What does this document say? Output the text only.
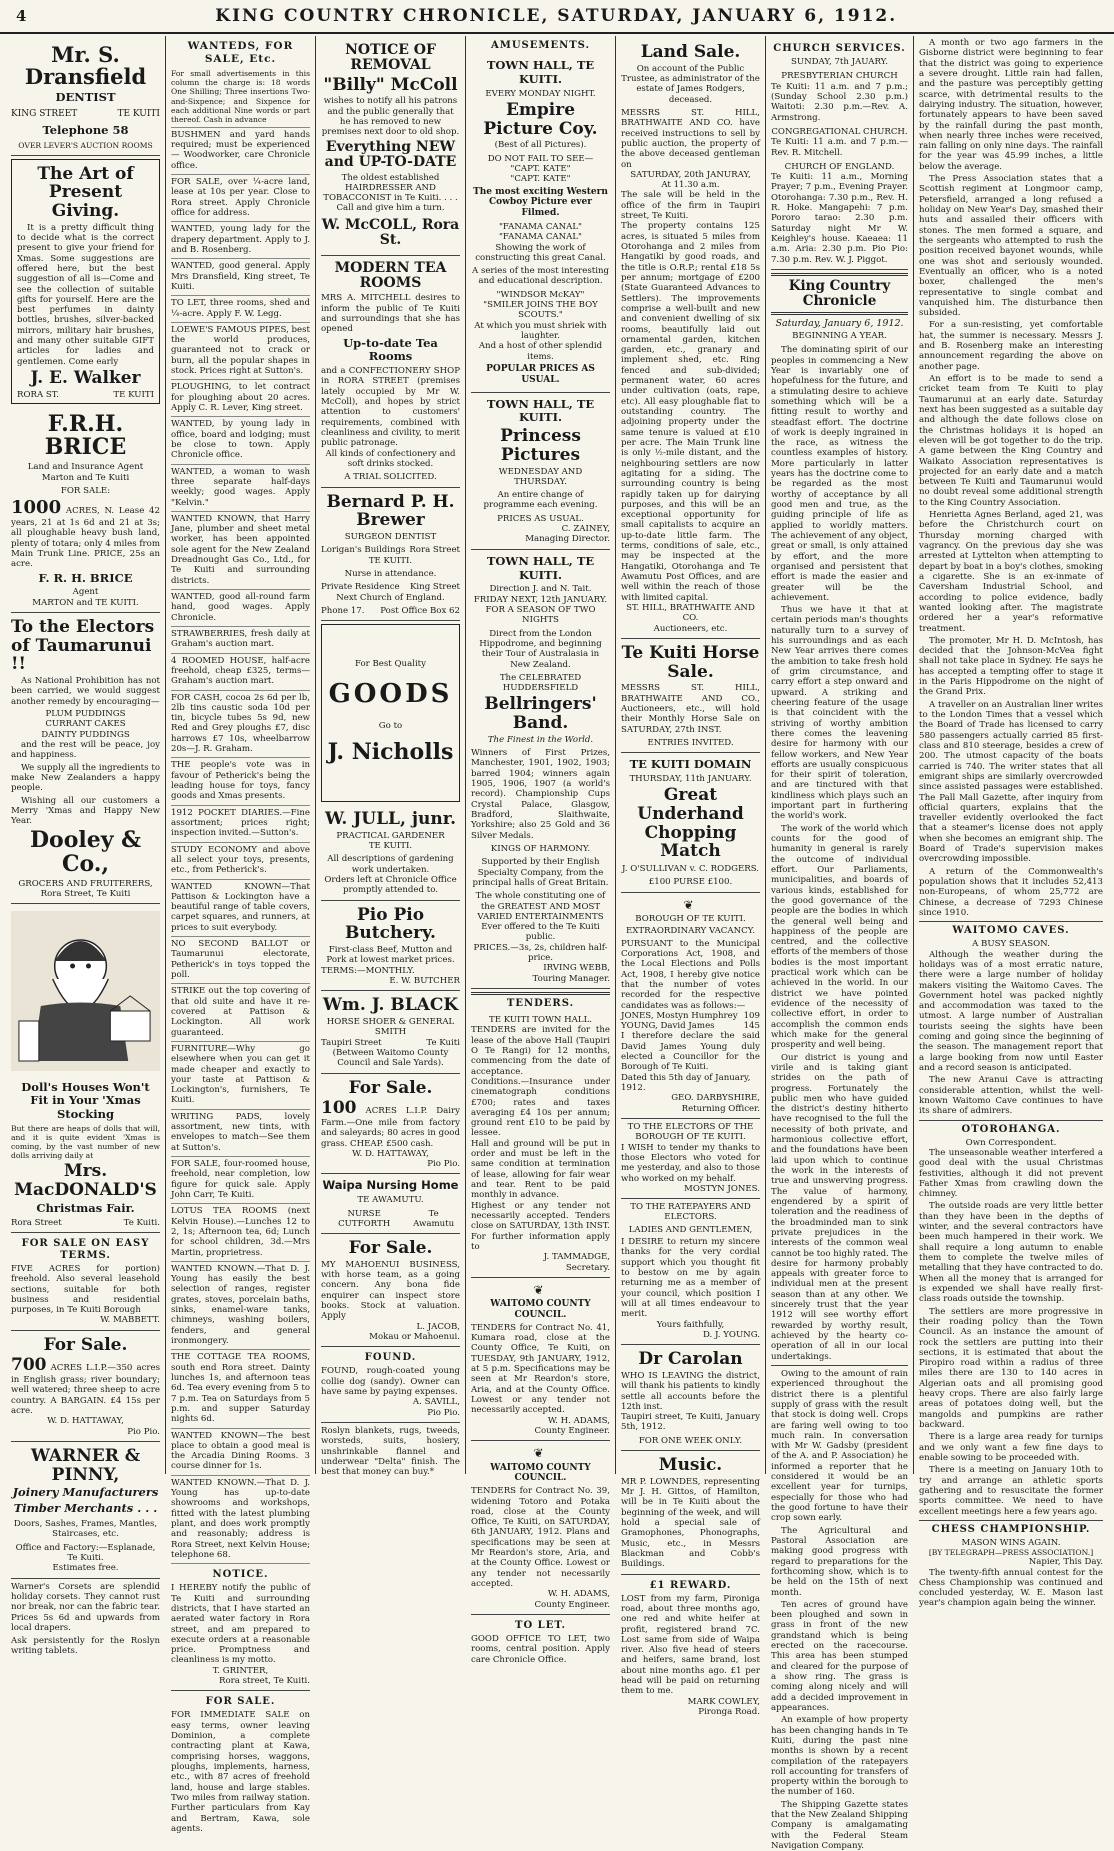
4	KING COUNTRY CHRONICLE, SATURDAY, JANUARY 6, 1912.
Mr. S. Dransfield
DENTIST
KING STREET	TE KUITI
Telephone 58
OVER LEVER'S AUCTION ROOMS
The Art of Present Giving.

It is a pretty difficult thing to decide what is the correct present to give your friend for Xmas. Some suggestions are offered here, but the best suggestion of all is—Come and see the collection of suitable gifts for yourself. Here are the best perfumes in dainty bottles, brushes, silver-backed mirrors, military hair brushes, and many other suitable GIFT articles for ladies and gentlemen. Come early

J. E. Walker
RORA ST.	TE KUITI
F.R.H. BRICE
Land and Insurance Agent
Marton and Te Kuiti
FOR SALE:
1000 ACRES, N. Lease 42 years, 21 at 1s 6d and 21 at 3s; all ploughable heavy bush land, plenty of totara; only 4 miles from Main Trunk Line. PRICE, 25s an acre.
F. R. H. BRICE
Agent
MARTON and TE KUITI.
To the Electors of Taumarunui !!

As National Prohibition has not been carried, we would suggest another remedy by encouraging—

PLUM PUDDINGS
CURRANT CAKES
DAINTY PUDDINGS

and the rest will be peace, joy and happiness.

We supply all the ingredients to make New Zealanders a happy people.

Wishing all our customers a Merry 'Xmas and Happy New Year.

Dooley & Co.,
GROCERS AND FRUITERERS,
Rora Street, Te Kuiti
Doll's Houses Won't Fit in Your 'Xmas Stocking
But there are heaps of dolls that will, and it is quite evident 'Xmas is coming, by the vast number of new dolls arriving daily at
Mrs. MacDONALD'S
Christmas Fair.
Rora Street	Te Kuiti.
FOR SALE ON EASY TERMS.
FIVE ACRES for portion) freehold. Also several leasehold sections, suitable for both business and residential purposes, in Te Kuiti Borough
W. MABBETT.
For Sale.
700 ACRES L.I.P.—350 acres in English grass; river boundary; well watered; three sheep to acre country. A BARGAIN. £4 15s per acre.
W. D. HATTAWAY,
Pio Pio.
WARNER & PINNY,
Joinery Manufacturers
Timber Merchants . . .
Doors, Sashes, Frames, Mantles, Staircases, etc.
Office and Factory:—Esplanade, Te Kuiti.
Estimates free.
Warner's Corsets are splendid holiday corsets. They cannot rust nor break, nor can the fabric tear. Prices 5s 6d and upwards from local drapers.
Ask persistently for the Roslyn writing tablets.
WANTEDS, FOR SALE, Etc.
For small advertisements in this column the charge is: 18 words One Shilling; Three insertions Two-and-Sixpence; and Sixpence for each additional Nine words or part thereof. Cash in advance
BUSHMEN and yard hands required; must be experienced — Woodworker, care Chronicle office.
FOR SALE, over ¼-acre land, lease at 10s per year. Close to Rora street. Apply Chronicle office for address.
WANTED, young lady for the drapery department. Apply to J. and B. Rosenberg.
WANTED, good general. Apply Mrs Dransfield, King street, Te Kuiti.
TO LET, three rooms, shed and ¼-acre. Apply F. W. Legg.
LOEWE'S FAMOUS PIPES, best the world produces, guaranteed not to crack or burn, all the popular shapes in stock. Prices right at Sutton's.
PLOUGHING, to let contract for ploughing about 20 acres. Apply C. R. Lever, King street.
WANTED, by young lady in office, board and lodging; must be close to town. Apply Chronicle office.
WANTED, a woman to wash three separate half-days weekly; good wages. Apply "Kelvin."
WANTED KNOWN, that Harry Jane, plumber and sheet metal worker, has been appointed sole agent for the New Zealand Dreadnought Gas Co., Ltd., for Te Kuiti and surrounding districts.
WANTED, good all-round farm hand, good wages. Apply Chronicle.
STRAWBERRIES, fresh daily at Graham's auction mart.
4 ROOMED HOUSE, half-acre freehold, cheap £325, terms—Graham's auction mart.
FOR CASH, cocoa 2s 6d per lb, 2lb tins caustic soda 10d per tin, bicycle tubes 5s 9d, new Red and Grey ploughs £7, disc harrows £7 10s, wheelbarrow 20s—J. R. Graham.
THE people's vote was in favour of Petherick's being the leading house for toys, fancy goods and Xmas presents.
1912 POCKET DIARIES.—Fine assortment; prices right; inspection invited.—Sutton's.
STUDY ECONOMY and above all select your toys, presents, etc., from Petherick's.
WANTED KNOWN—That Pattison & Lockington have a beautiful range of table covers, carpet squares, and runners, at prices to suit everybody.
NO SECOND BALLOT or Taumarunui electorate, Petherick's in toys topped the poll.
STRIKE out the top covering of that old suite and have it re-covered at Pattison & Lockington. All work guaranteed.
FURNITURE—Why go elsewhere when you can get it made cheaper and exactly to your taste at Pattison & Lockington's, furnishers, Te Kuiti.
WRITING PADS, lovely assortment, new tints, with envelopes to match—See them at Sutton's.
FOR SALE, four-roomed house, freehold, near completion, low figure for quick sale. Apply John Carr, Te Kuiti.
LOTUS TEA ROOMS (next Kelvin House).—Lunches 12 to 2, 1s; Afternoon tea, 6d; Lunch for school children, 3d.—Mrs Martin, proprietress.
WANTED KNOWN.—That D. J. Young has easily the best selection of ranges, register grates, stoves, porcelain baths, sinks, enamel-ware tanks, chimneys, washing boilers, fenders, and general ironmongery.
THE COTTAGE TEA ROOMS, south end Rora street. Dainty lunches 1s, and afternoon teas 6d. Tea every evening from 5 to 7 p.m. Tea on Saturdays from 5 p.m. and supper Saturday nights 6d.
WANTED KNOWN—The best place to obtain a good meal is the Arcadia Dining Rooms. 3 course dinner for 1s.
WANTED KNOWN.—That D. J. Young has up-to-date showrooms and workshops, fitted with the latest plumbing plant, and does work promptly and reasonably; address is Rora Street, next Kelvin House; telephone 68.
NOTICE.
I HEREBY notify the public of Te Kuiti and surrounding districts, that I have started an aerated water factory in Rora street, and am prepared to execute orders at a reasonable price. Promptness and cleanliness is my motto.
T. GRINTER,
Rora street, Te Kuiti.
FOR SALE.
FOR IMMEDIATE SALE on easy terms, owner leaving Dominion, a complete contracting plant at Kawa, comprising horses, waggons, ploughs, implements, harness, etc., with 87 acres of freehold land, house and large stables. Two miles from railway station. Further particulars from Kay and Bertram, Kawa, sole agents.
NOTICE OF REMOVAL
"Billy" McColl
wishes to notify all his patrons and the public generally that he has removed to new premises next door to old shop.
Everything NEW and UP-TO-DATE
The oldest established HAIRDRESSER AND TOBACCONIST in Te Kuiti. . . . Call and give him a turn.
W. McCOLL, Rora St.
MODERN TEA ROOMS
MRS A. MITCHELL desires to inform the public of Te Kuiti and surroundings that she has opened
Up-to-date Tea Rooms
and a CONFECTIONERY SHOP in RORA STREET (premises lately occupied by Mr W. McColl), and hopes by strict attention to customers' requirements, combined with cleanliness and civility, to merit public patronage.
All kinds of confectionery and soft drinks stocked.
A TRIAL SOLICITED.
Bernard P. H. Brewer
SURGEON DENTIST
Lorigan's Buildings Rora Street
TE KUITI.
Nurse in attendance.
Private Residence King Street
Next Church of England.
Phone 17. Post Office Box 62
For Best Quality
GOODS
Go to
J. Nicholls
W. JULL, junr.
PRACTICAL GARDENER
TE KUITI.
All descriptions of gardening work undertaken.
Orders left at Chronicle Office promptly attended to.
Pio Pio Butchery.
First-class Beef, Mutton and Pork at lowest market prices.
TERMS:—MONTHLY.
E. W. BUTCHER
Wm. J. BLACK
HORSE SHOER & GENERAL SMITH
Taupiri Street	Te Kuiti
(Between Waitomo County Council and Sale Yards).
For Sale.
100 ACRES L.I.P. Dairy Farm.—One mile from factory and saleyards; 80 acres in good grass. CHEAP. £500 cash.
W. D. HATTAWAY,
Pio Pio.
Waipa Nursing Home
TE AWAMUTU.
NURSE CUTFORTH
Te Awamutu
For Sale.
MY MAHOENUI BUSINESS, with horse team, as a going concern. Any bona fide enquirer can inspect store books. Stock at valuation. Apply
L. JACOB,
Mokau or Mahoenui.
FOUND.
FOUND, rough-coated young collie dog (sandy). Owner can have same by paying expenses.
A. SAVILL,
Pio Pio.
Roslyn blankets, rugs, tweeds, worsteds, suits, hosiery, unshrinkable flannel and underwear "Delta" finish. The best that money can buy.*
AMUSEMENTS.
TOWN HALL, TE KUITI.
EVERY MONDAY NIGHT.
Empire Picture Coy.
(Best of all Pictures).
DO NOT FAIL TO SEE—
"CAPT. KATE"
"CAPT. KATE"
The most exciting Western Cowboy Picture ever Filmed.
"FANAMA CANAL"
"FANAMA CANAL"
Showing the work of constructing this great Canal.
A series of the most interesting and educational description.
"WINDSOR McKAY"
"SMILER JOINS THE BOY SCOUTS."
At which you must shriek with laughter.
And a host of other splendid items.
POPULAR PRICES AS USUAL.
TOWN HALL, TE KUITI.
Princess Pictures
WEDNESDAY AND THURSDAY.
An entire change of programme each evening.
PRICES AS USUAL.
C. ZAINEY,
Managing Director.
TOWN HALL, TE KUITI.
Direction J. and N. Tait.
FRIDAY NEXT, 12th JANUARY.
FOR A SEASON OF TWO NIGHTS
Direct from the London Hippodrome, and beginning their Tour of Australasia in New Zealand.
The CELEBRATED HUDDERSFIELD
Bellringers' Band.
The Finest in the World.
Winners of First Prizes, Manchester, 1901, 1902, 1903; barred 1904; winners again 1905, 1906, 1907 (a world's record). Championship Cups Crystal Palace, Glasgow, Bradford, Slaithwaite, Yorkshire; also 25 Gold and 36 Silver Medals.
KINGS OF HARMONY.
Supported by their English Specialty Company, from the principal halls of Great Britain.
The whole constituting one of the GREATEST AND MOST VARIED ENTERTAINMENTS Ever offered to the Te Kuiti public.
PRICES.—3s, 2s, children half-price.
IRVING WEBB,
Touring Manager.
TENDERS.
TE KUITI TOWN HALL.
TENDERS are invited for the lease of the above Hall (Taupiri O Te Rangi) for 12 months, commencing from the date of acceptance.
Conditions.—Insurance under cinematograph conditions £700; rates and taxes averaging £4 10s per annum; ground rent £10 to be paid by lessee.
Hall and ground will be put in order and must be left in the same condition at termination of lease, allowing for fair wear and tear. Rent to be paid monthly in advance.
Highest or any tender not necessarily accepted. Tenders close on SATURDAY, 13th INST. For further information apply to
J. TAMMADGE,
Secretary.
❦
WAITOMO COUNTY COUNCIL.
TENDERS for Contract No. 41, Kumara road, close at the County Office, Te Kuiti, on TUESDAY, 9th JANUARY, 1912, at 5 p.m. Specifications may be seen at Mr Reardon's store, Aria, and at the County Office. Lowest or any tender not necessarily accepted.
W. H. ADAMS,
County Engineer.
❦
WAITOMO COUNTY COUNCIL.
TENDERS for Contract No. 39, widening Totoro and Potaka road, close at the County Office, Te Kuiti, on SATURDAY, 6th JANUARY, 1912. Plans and specifications may be seen at Mr Reardon's store, Aria, and at the County Office. Lowest or any tender not necessarily accepted.
W. H. ADAMS,
County Engineer.
TO LET.
GOOD OFFICE TO LET, two rooms, central position. Apply care Chronicle Office.
Land Sale.
On account of the Public Trustee, as administrator of the estate of James Rodgers, deceased.
MESSRS ST. HILL, BRATHWAITE AND CO. have received instructions to sell by public auction, the property of the above deceased gentleman on
SATURDAY, 20th JANURAY,
At 11.30 a.m.
The sale will be held in the office of the firm in Taupiri street, Te Kuiti.
The property contains 125 acres, is situated 5 miles from Otorohanga and 2 miles from Hangatiki by good roads, and the title is O.R.P.; rental £18 5s per annum; mortgage of £200 (State Guaranteed Advances to Settlers). The improvements comprise a well-built and new and convenient dwelling of six rooms, beautifully laid out ornamental garden, kitchen garden, etc., granary and implement shed, etc. Ring fenced and sub-divided; permanent water, 60 acres under cultivation (oats, rape, etc). All easy ploughable flat to outstanding country. The adjoining property under the same tenure is valued at £10 per acre. The Main Trunk line is only ½-mile distant, and the neighbouring settlers are now agitating for a siding. The surrounding country is being rapidly taken up for dairying purposes, and this will be an exceptional opportunity for small capitalists to acquire an up-to-date little farm. The terms, conditions of sale, etc., may be inspected at the Hangatiki, Otorohanga and Te Awamutu Post Offices, and are well within the reach of those with limited capital.
ST. HILL, BRATHWAITE AND CO.
Auctioneers, etc.
Te Kuiti Horse Sale.
MESSRS ST. HILL, BRATHWAITE AND CO., Auctioneers, etc., will hold their Monthly Horse Sale on SATURDAY, 27th INST.
ENTRIES INVITED.
TE KUITI DOMAIN
THURSDAY, 11th JANUARY.
Great Underhand Chopping Match
J. O'SULLIVAN v. C. RODGERS.
£100 PURSE £100.
❦
BOROUGH OF TE KUITI.
EXTRAORDINARY VACANCY.
PURSUANT to the Municipal Corporations Act, 1908, and the Local Elections and Polls Act, 1908, I hereby give notice that the number of votes recorded for the respective candidates was as follows:—
JONES, Mostyn Humphrey 109
YOUNG, David James	145
I therefore declare the said David James Young duly elected a Councillor for the Borough of Te Kuiti.
Dated this 5th day of January, 1912.
GEO. DARBYSHIRE,
Returning Officer.
TO THE ELECTORS OF THE BOROUGH OF TE KUITI.
I WISH to tender my thanks to those Electors who voted for me yesterday, and also to those who worked on my behalf.
MOSTYN JONES.
TO THE RATEPAYERS AND ELECTORS.
LADIES AND GENTLEMEN,
I DESIRE to return my sincere thanks for the very cordial support which you thought fit to bestow on me by again returning me as a member of your council, which position I will at all times endeavour to merit.
Yours faithfully,
D. J. YOUNG.
Dr Carolan
WHO IS LEAVING the district, will thank his patients to kindly settle all accounts before the 12th inst.
Taupiri street, Te Kuiti, January 5th, 1912.
FOR ONE WEEK ONLY.
Music.
MR P. LOWNDES, representing Mr J. H. Gittos, of Hamilton, will be in Te Kuiti about the beginning of the week, and will hold a special sale of Gramophones, Phonographs, Music, etc., in Messrs Blackman and Cobb's Buildings.
£1 REWARD.
LOST from my farm, Pironiga road, about three months ago, one red and white heifer at profit, registered brand 7C. Lost same from side of Waipa river. Also five head of steers and heifers, same brand, lost about nine months ago. £1 per head will be paid on returning them to me.
MARK COWLEY,
Pironga Road.
CHURCH SERVICES.
SUNDAY, 7th JAUARY.
PRESBYTERIAN CHURCH
Te Kuiti: 11 a.m. and 7 p.m.; (Sunday School 2.30 p.m.) Waitoti: 2.30 p.m.—Rev. A. Armstrong.
CONGREGATIONAL CHURCH.
Te Kuiti: 11 a.m. and 7 p.m.—Rev. R. Mitchell.
CHURCH OF ENGLAND.
Te Kuiti: 11 a.m., Morning Prayer; 7 p.m., Evening Prayer. Otorohanga: 7.30 p.m., Rev. H. R. Hoke. Mangapehi: 7 p.m. Pororo tarao: 2.30 p.m. Saturday night Mr W. Keighley's house. Kaeaea: 11 a.m. Aria: 2.30 p.m. Pio Pio: 7.30 p.m. Rev. W. J. Piggot.
King Country Chronicle
Saturday, January 6, 1912.
BEGINNING A YEAR.

The dominating spirit of our peoples in commencing a New Year is invariably one of hopefulness for the future, and a stimulating desire to achieve something which will be a fitting result to worthy and steadfast effort. The doctrine of work is deeply ingrained in the race, as witness the countless examples of history. More particularly in latter years has the doctrine come to be regarded as the most worthy of acceptance by all good men and true, as the guiding principle of life as applied to worldly matters. The achievement of any object, great or small, is only attained by effort, and the more organised and persistent that effort is made the easier and greater will be the achievement.

Thus we have it that at certain periods man's thoughts naturally turn to a survey of his surroundings and as each New Year arrives there comes the ambition to take fresh hold of grim circumstance, and carry effort a step onward and upward. A striking and cheering feature of the usage is that coincident with the striving of worthy ambition there comes the leavening desire for harmony with our fellow workers, and New Year efforts are usually conspicuous for their spirit of toleration, and are tinctured with that kindliness which plays such an important part in furthering the world's work.

The work of the world which counts for the good of humanity in general is rarely the outcome of individual effort. Our Parliaments, municipalities, and boards of various kinds, established for the good governance of the people are the bodies in which the general well being and happiness of the people are centred, and the collective efforts of the members of those bodies is the most important practical work which can be achieved in the world. In our district we have pointed evidence of the necessity of collective effort, in order to accomplish the common ends which make for the general prosperity and well being.

Our district is young and virile and is taking giant strides on the path of progress. Fortunately the public men who have guided the district's destiny hitherto have recognised to the full the necessity of both private, and harmonious collective effort, and the foundations have been laid upon which to continue the work in the interests of true and unswerving progress. The value of harmony, engendered by a spirit of toleration and the readiness of the broadminded man to sink private prejudices in the interests of the common weal cannot be too highly rated. The desire for harmony probably appeals with greater force to individual men at the present season than at any other. We sincerely trust that the year 1912 will see worthy effort rewarded by worthy result, achieved by the hearty co-operation of all in our local undertakings.

Owing to the amount of rain experienced throughout the district there is a plentiful supply of grass with the result that stock is doing well. Crops are faring well owing to too much rain. In conversation with Mr W. Gadsby (president of the A. and P. Association) he informed a reporter that he considered it would be an excellent year for turnips, especially for those who had the good fortune to have their crop sown early.

The Agricultural and Pastoral Association are making good progress with regard to preparations for the forthcoming show, which is to be held on the 15th of next month.

Ten acres of ground have been ploughed and sown in grass in front of the new grandstand which is being erected on the racecourse. This area has been stumped and cleared for the purpose of a show ring. The grass is coming along nicely and will add a decided improvement in appearances.

An example of how property has been changing hands in Te Kuiti, during the past nine months is shown by a recent compilation of the ratepayers roll accounting for transfers of property within the borough to the number of 160.

The Shipping Gazette states that the New Zealand Shipping Company is amalgamating with the Federal Steam Navigation Company.

A month or two ago farmers in the Gisborne district were beginning to fear that the district was going to experience a severe drought. Little rain had fallen, and the pasture was perceptibly getting scarce, with detrimental results to the dairying industry. The situation, however, fortunately appears to have been saved by the rainfall during the past month, when nearly three inches were received, rain falling on only nine days. The rainfall for the year was 45.99 inches, a little below the average.

The Press Association states that a Scottish regiment at Longmoor camp, Petersfield, arranged a long refused a holiday on New Year's Day, smashed their huts and assailed their officers with stones. The men formed a square, and the sergeants who attempted to rush the position received bayonet wounds, while one was shot and seriously wounded. Eventually an officer, who is a noted boxer, challenged the men's representative to single combat and vanquished him. The disturbance then subsided.

For a sun-resisting, yet comfortable hat, the summer is necessary. Messrs J. and B. Rosenberg make an interesting announcement regarding the above on another page.

An effort is to be made to send a cricket team from Te Kuiti to play Taumarunui at an early date. Saturday next has been suggested as a suitable day and although the date follows close on the Christmas holidays it is hoped an eleven will be got together to do the trip. A game between the King Country and Waikato Association representatives is projected for an early date and a match between Te Kuiti and Taumarunui would no doubt reveal some additional strength to the King Country Association.

Henrietta Agnes Berland, aged 21, was before the Christchurch court on Thursday morning charged with vagrancy. On the previous day she was arrested at Lyttelton when attempting to depart by boat in a boy's clothes, smoking a cigarette. She is an ex-inmate of Caversham Industrial School, and according to police evidence, badly wanted looking after. The magistrate ordered her a year's reformative treatment.

The promoter, Mr H. D. McIntosh, has decided that the Johnson-McVea fight shall not take place in Sydney. He says he has accepted a tempting offer to stage it in the Paris Hippodrome on the night of the Grand Prix.

A traveller on an Australian liner writes to the London Times that a vessel which the Board of Trade has licensed to carry 580 passengers actually carried 85 first-class and 810 steerage, besides a crew of 200. The utmost capacity of the boats carried is 740. The writer states that all emigrant ships are similarly overcrowded since assisted passages were established. The Pall Mall Gazette, after inquiry from official quarters, explains that the traveller evidently overlooked the fact that a steamer's license does not apply when she becomes an emigrant ship. The Board of Trade's supervision makes overcrowding impossible.

A return of the Commonwealth's population shows that it includes 52,413 non-Europeans, of whom 25,772 are Chinese, a decrease of 7293 Chinese since 1910.

WAITOMO CAVES.
A BUSY SEASON.

Although the weather during the holidays was of a most erratic nature, there were a large number of holiday makers visiting the Waitomo Caves. The Government hotel was packed nightly and accommodation was taxed to the utmost. A large number of Australian tourists seeing the sights have been coming and going since the beginning of the season. The management report that a large booking from now until Easter and a record season is anticipated.

The new Aranui Cave is attracting considerable attention, whilst the well-known Waitomo Cave continues to have its share of admirers.

OTOROHANGA.
Own Correspondent.

The unseasonable weather interfered a good deal with the usual Christmas festivities, although it did not prevent Father Xmas from crawling down the chimney.

The outside roads are very little better than they have been in the depths of winter, and the several contractors have been much hampered in their work. We shall require a long autumn to enable them to complete the twelve miles of metalling that they have contracted to do. When all the money that is arranged for is expended we shall have really first-class roads outside the township.

The settlers are more progressive in their roading policy than the Town Council. As an instance the amount of rock the settlers are putting into their sections, it is estimated that about the Piropiro road within a radius of three miles there are 130 to 140 acres in Algerian oats and all promising good heavy crops. There are also fairly large areas of potatoes doing well, but the mangolds and pumpkins are rather backward.

There is a large area ready for turnips and we only want a few fine days to enable sowing to be proceeded with.

There is a meeting on January 10th to try and arrange an athletic sports gathering and to resuscitate the former sports committee. We need to have excellent meetings here a few years ago.

CHESS CHAMPIONSHIP.
MASON WINS AGAIN.
[BY TELEGRAPH—PRESS ASSOCIATION.]
Napier, This Day.

The twenty-fifth annual contest for the Chess Championship was continued and concluded yesterday, W. E. Mason last year's champion again being the winner.
